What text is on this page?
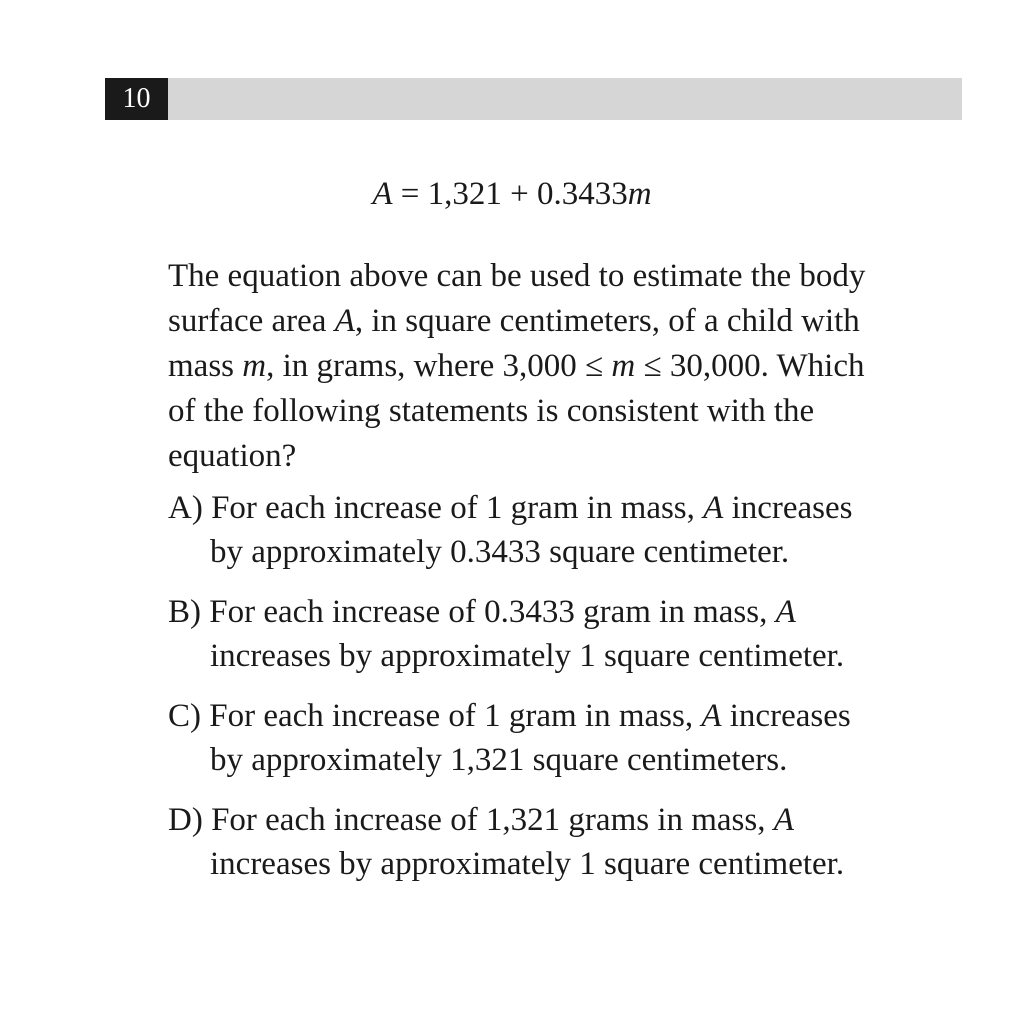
10
A = 1,321 + 0.3433m
The equation above can be used to estimate the body
surface area A, in square centimeters, of a child with
mass m, in grams, where 3,000 ≤ m ≤ 30,000. Which
of the following statements is consistent with the
equation?
A) For each increase of 1 gram in mass, A increases
by approximately 0.3433 square centimeter.
B) For each increase of 0.3433 gram in mass, A
increases by approximately 1 square centimeter.
C) For each increase of 1 gram in mass, A increases
by approximately 1,321 square centimeters.
D) For each increase of 1,321 grams in mass, A
increases by approximately 1 square centimeter.
